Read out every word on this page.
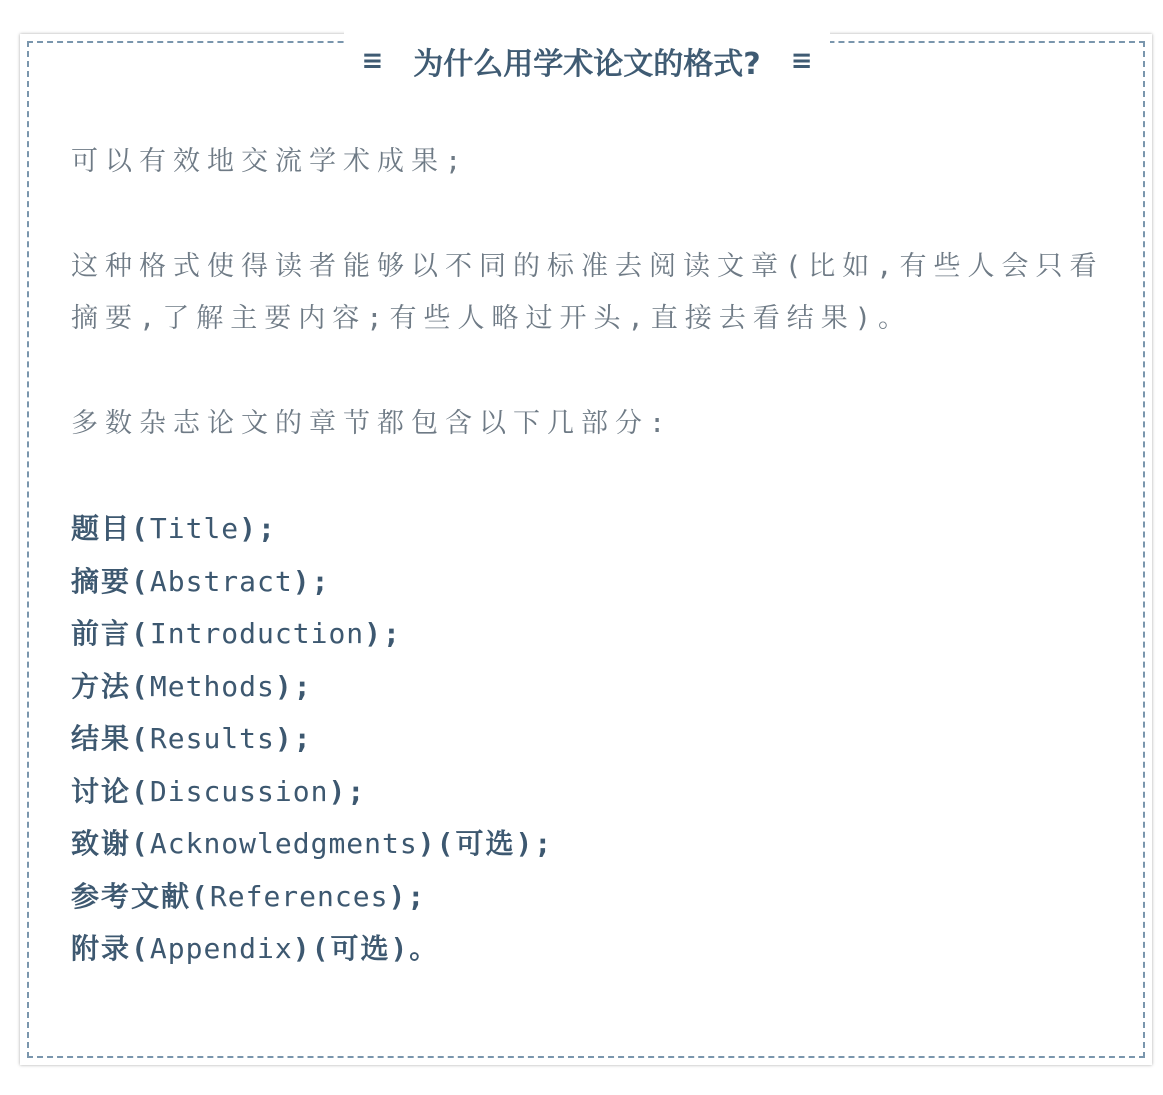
≡ 为什么用学术论文的格式? ≡

可以有效地交流学术成果;

这种格式使得读者能够以不同的标准去阅读文章(比如,有些人会只看摘要,了解主要内容;有些人略过开头,直接去看结果)。

多数杂志论文的章节都包含以下几部分:

题目(Title);
摘要(Abstract);
前言(Introduction);
方法(Methods);
结果(Results);
讨论(Discussion);
致谢(Acknowledgments)(可选);
参考文献(References);
附录(Appendix)(可选)。
